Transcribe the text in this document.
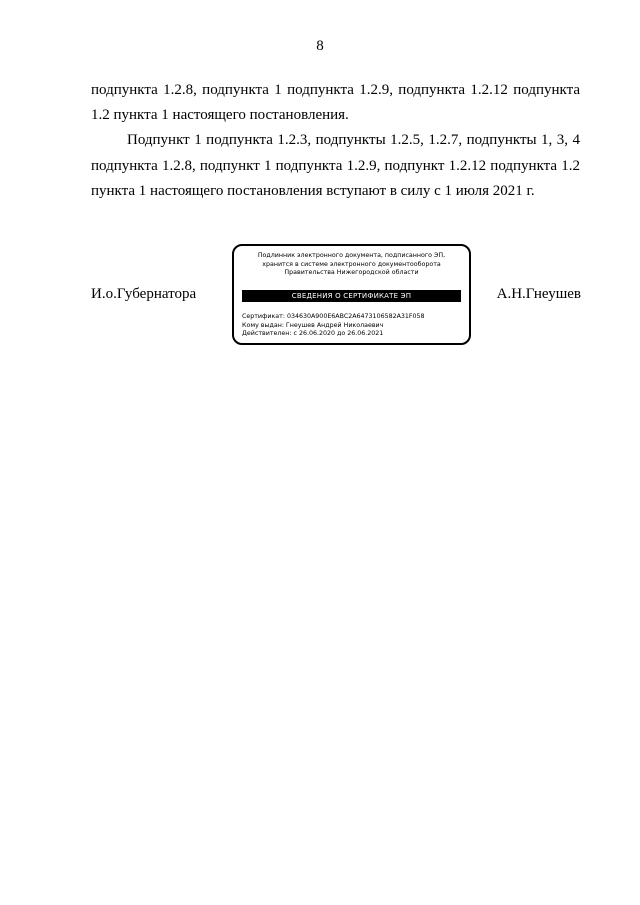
8
подпункта 1.2.8, подпункта 1 подпункта 1.2.9, подпункта 1.2.12 подпункта 1.2 пункта 1 настоящего постановления.
Подпункт 1 подпункта 1.2.3, подпункты 1.2.5, 1.2.7, подпункты 1, 3, 4 подпункта 1.2.8, подпункт 1 подпункта 1.2.9, подпункт 1.2.12 подпункта 1.2 пункта 1 настоящего постановления вступают в силу с 1 июля 2021 г.
И.о.Губернатора
Подлинник электронного документа, подписанного ЭП,
хранится в системе электронного документооборота
Правительства Нижегородской области
СВЕДЕНИЯ О СЕРТИФИКАТЕ ЭП
Сертификат: 034630A900E6ABC2A6473106582A31F058
Кому выдан: Гнеушев Андрей Николаевич
Действителен: с 26.06.2020 до 26.06.2021
А.Н.Гнеушев
